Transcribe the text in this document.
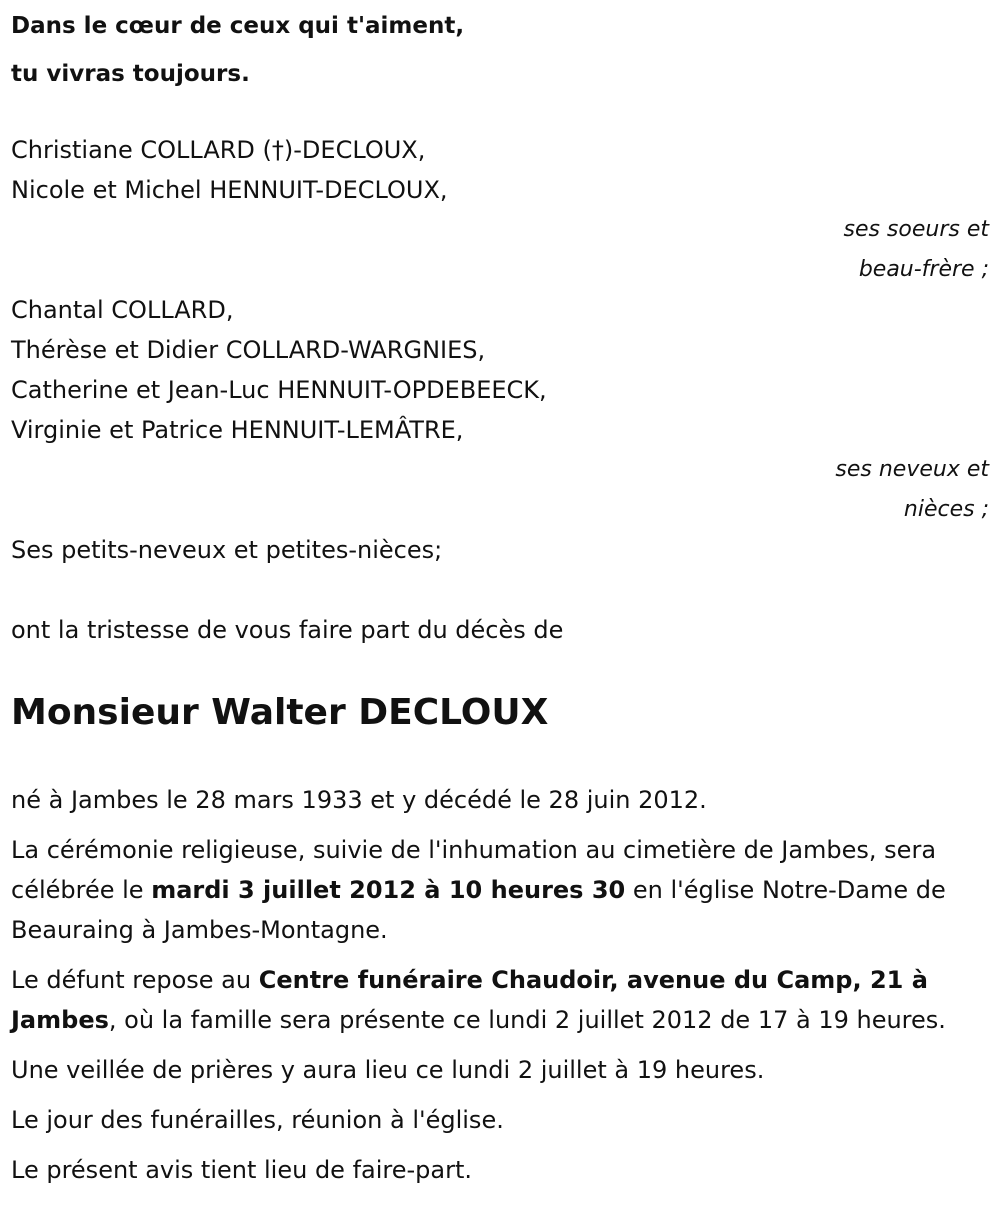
Dans le cœur de ceux qui t'aiment,
tu vivras toujours.
Christiane COLLARD (†)-DECLOUX,
Nicole et Michel HENNUIT-DECLOUX,
ses soeurs et
beau-frère ;
Chantal COLLARD,
Thérèse et Didier COLLARD-WARGNIES,
Catherine et Jean-Luc HENNUIT-OPDEBEECK,
Virginie et Patrice HENNUIT-LEMÂTRE,
ses neveux et
nièces ;
Ses petits-neveux et petites-nièces;
ont la tristesse de vous faire part du décès de
Monsieur Walter DECLOUX
né à Jambes le 28 mars 1933 et y décédé le 28 juin 2012.
La cérémonie religieuse, suivie de l'inhumation au cimetière de Jambes, sera célébrée le mardi 3 juillet 2012 à 10 heures 30 en l'église Notre-Dame de Beauraing à Jambes-Montagne.
Le défunt repose au Centre funéraire Chaudoir, avenue du Camp, 21 à Jambes, où la famille sera présente ce lundi 2 juillet 2012 de 17 à 19 heures.
Une veillée de prières y aura lieu ce lundi 2 juillet à 19 heures.
Le jour des funérailles, réunion à l'église.
Le présent avis tient lieu de faire-part.
